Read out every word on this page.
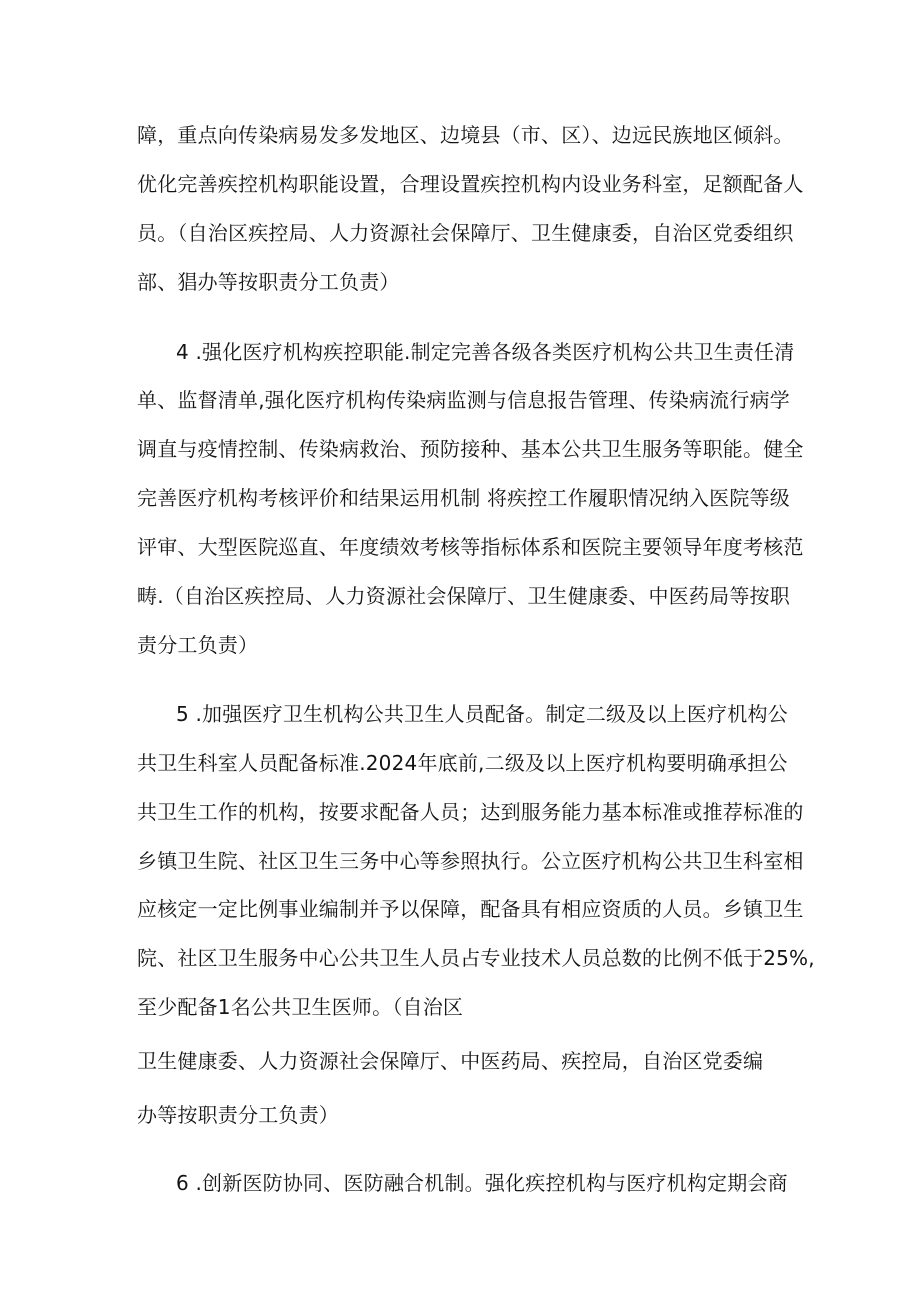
障，重点向传染病易发多发地区、边境县（市、区）、边远民族地区倾斜。
优化完善疾控机构职能设置，合理设置疾控机构内设业务科室，足额配备人
员。（自治区疾控局、人力资源社会保障厅、卫生健康委，自治区党委组织
部、猖办等按职责分工负责）
4 .强化医疗机构疾控职能.制定完善各级各类医疗机构公共卫生责任清
单、监督清单,强化医疗机构传染病监测与信息报告管理、传染病流行病学
调直与疫情控制、传染病救治、预防接种、基本公共卫生服务等职能。健全
完善医疗机构考核评价和结果运用机制 将疾控工作履职情况纳入医院等级
评审、大型医院巡直、年度绩效考核等指标体系和医院主要领导年度考核范
畴.（自治区疾控局、人力资源社会保障厅、卫生健康委、中医药局等按职
责分工负责）
5 .加强医疗卫生机构公共卫生人员配备。制定二级及以上医疗机构公
共卫生科室人员配备标准.2024年底前,二级及以上医疗机构要明确承担公
共卫生工作的机构，按要求配备人员；达到服务能力基本标准或推荐标准的
乡镇卫生院、社区卫生三务中心等参照执行。公立医疗机构公共卫生科室相
应核定一定比例事业编制并予以保障，配备具有相应资质的人员。乡镇卫生
院、社区卫生服务中心公共卫生人员占专业技术人员总数的比例不低于25%,
至少配备1名公共卫生医师。（自治区
卫生健康委、人力资源社会保障厅、中医药局、疾控局，自治区党委编
办等按职责分工负责）
6 .创新医防协同、医防融合机制。强化疾控机构与医疗机构定期会商
